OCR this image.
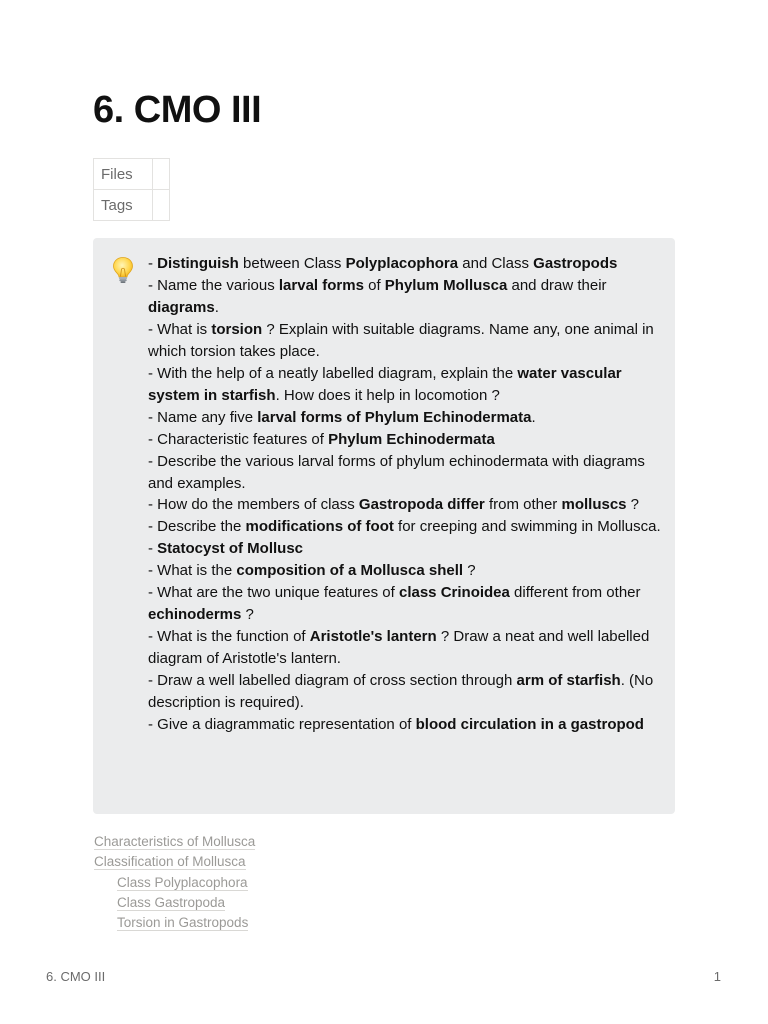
6. CMO III
Files	
Tags	

- Distinguish between Class Polyplacophora and Class Gastropods

- Name the various larval forms of Phylum Mollusca and draw their diagrams.

- What is torsion ? Explain with suitable diagrams. Name any, one animal in which torsion takes place.

- With the help of a neatly labelled diagram, explain the water vascular system in starfish. How does it help in locomotion ?

- Name any five larval forms of Phylum Echinodermata.

- Characteristic features of Phylum Echinodermata

- Describe the various larval forms of phylum echinodermata with diagrams and examples.

- How do the members of class Gastropoda differ from other molluscs ?

- Describe the modifications of foot for creeping and swimming in Mollusca.

- Statocyst of Mollusc

- What is the composition of a Mollusca shell ?

- What are the two unique features of class Crinoidea different from other echinoderms ?

- What is the function of Aristotle's lantern ? Draw a neat and well labelled diagram of Aristotle's lantern.

- Draw a well labelled diagram of cross section through arm of starfish. (No description is required).

- Give a diagrammatic representation of blood circulation in a gastropod

Characteristics of Mollusca
Classification of Mollusca
Class Polyplacophora
Class Gastropoda
Torsion in Gastropods
6. CMO III	1
